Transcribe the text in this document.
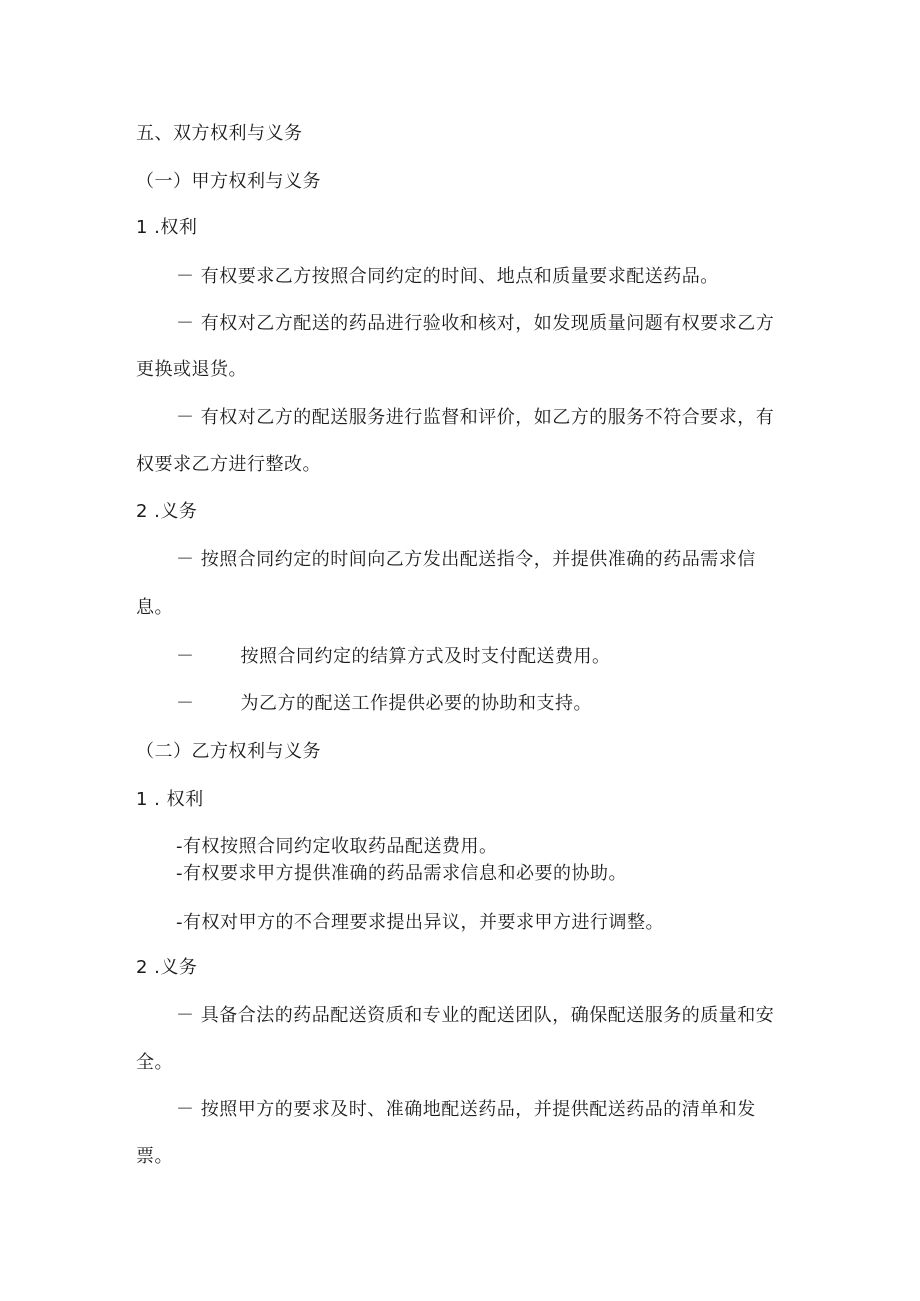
五、双方权利与义务
（一）甲方权利与义务
1 .权利
－ 有权要求乙方按照合同约定的时间、地点和质量要求配送药品。
－ 有权对乙方配送的药品进行验收和核对，如发现质量问题有权要求乙方
更换或退货。
－ 有权对乙方的配送服务进行监督和评价，如乙方的服务不符合要求，有
权要求乙方进行整改。
2 .义务
－ 按照合同约定的时间向乙方发出配送指令，并提供准确的药品需求信
息。
－	按照合同约定的结算方式及时支付配送费用。
－	为乙方的配送工作提供必要的协助和支持。
（二）乙方权利与义务
1 . 权利
-有权按照合同约定收取药品配送费用。
-有权要求甲方提供准确的药品需求信息和必要的协助。
-有权对甲方的不合理要求提出异议，并要求甲方进行调整。
2 .义务
－ 具备合法的药品配送资质和专业的配送团队，确保配送服务的质量和安
全。
－ 按照甲方的要求及时、准确地配送药品，并提供配送药品的清单和发
票。
